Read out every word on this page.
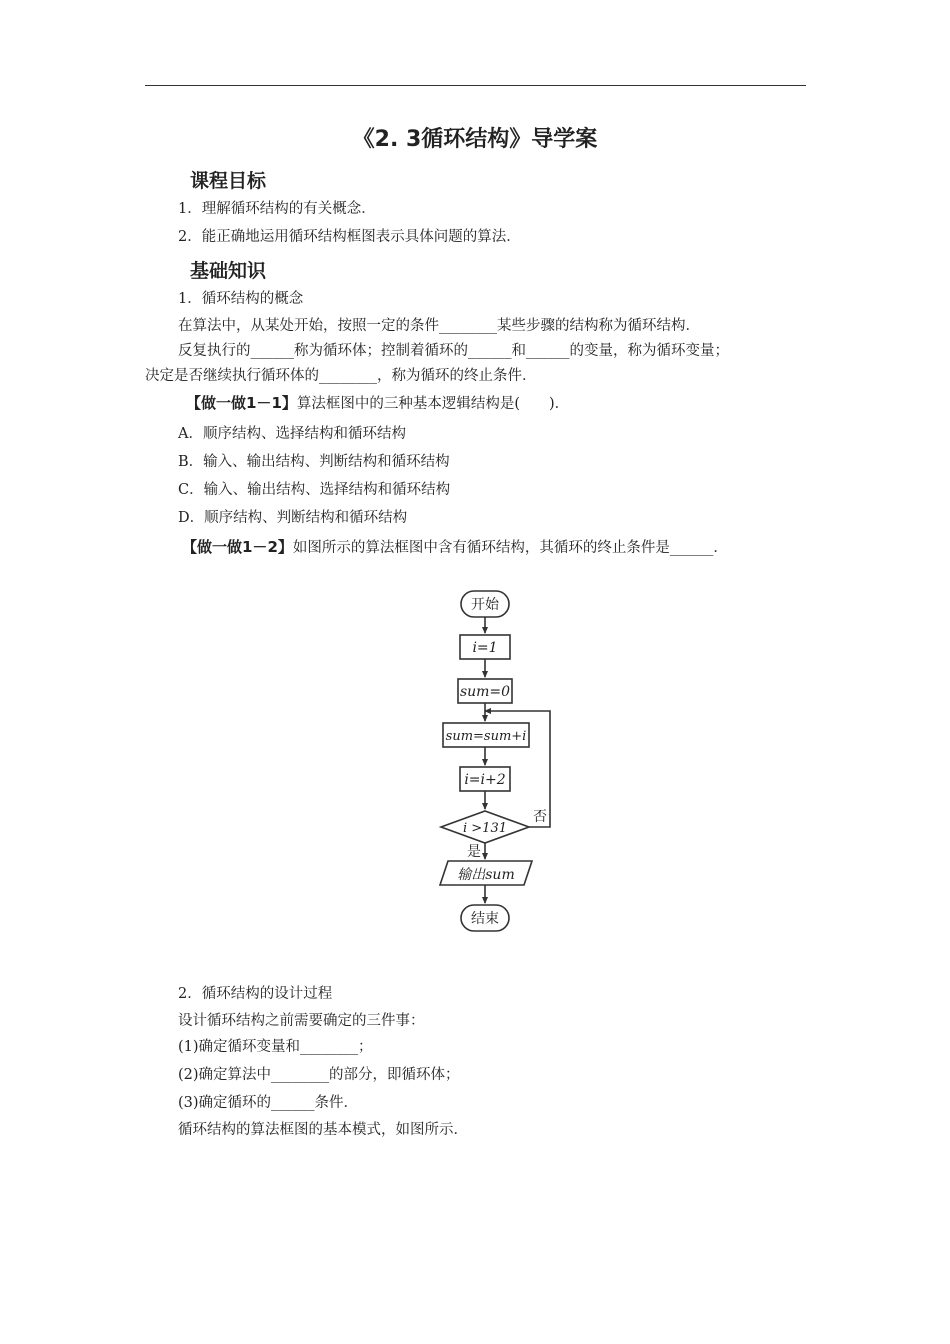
《2. 3循环结构》导学案
课程目标
1．理解循环结构的有关概念．
2．能正确地运用循环结构框图表示具体问题的算法．
基础知识
1．循环结构的概念
在算法中，从某处开始，按照一定的条件________某些步骤的结构称为循环结构．
反复执行的______称为循环体；控制着循环的______和______的变量，称为循环变量；
决定是否继续执行循环体的________，称为循环的终止条件．
【做一做1－1】算法框图中的三种基本逻辑结构是(　　)．
A．顺序结构、选择结构和循环结构
B．输入、输出结构、判断结构和循环结构
C．输入、输出结构、选择结构和循环结构
D．顺序结构、判断结构和循环结构
【做一做1－2】如图所示的算法框图中含有循环结构，其循环的终止条件是______．
开始
i=1
sum=0
sum=sum+i
i=i+2
i >131
否
是
输出sum
结束
2．循环结构的设计过程
设计循环结构之前需要确定的三件事：
(1)确定循环变量和________；
(2)确定算法中________的部分，即循环体；
(3)确定循环的______条件．
循环结构的算法框图的基本模式，如图所示．
